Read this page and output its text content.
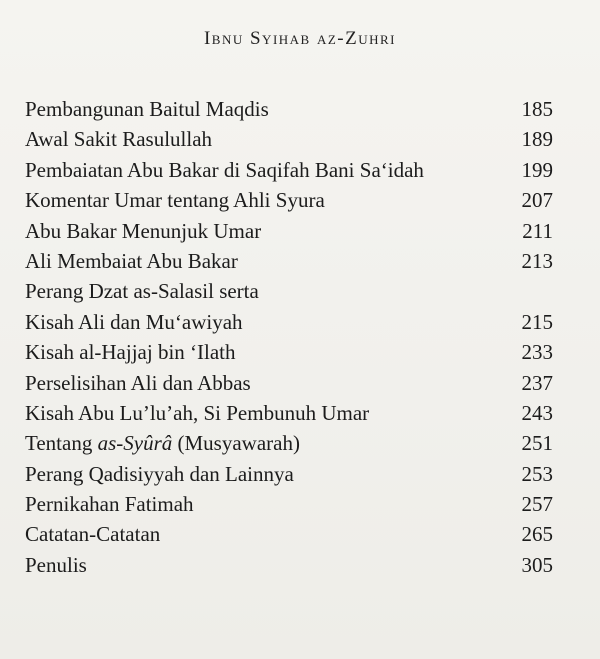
Ibnu Syihab az-Zuhri
Pembangunan Baitul Maqdis	185
Awal Sakit Rasulullah	189
Pembaiatan Abu Bakar di Saqifah Bani Sa‘idah	199
Komentar Umar tentang Ahli Syura	207
Abu Bakar Menunjuk Umar	211
Ali Membaiat Abu Bakar	213
Perang Dzat as-Salasil serta
Kisah Ali dan Mu‘awiyah	215
Kisah al-Hajjaj bin ‘Ilath	233
Perselisihan Ali dan Abbas	237
Kisah Abu Lu’lu’ah, Si Pembunuh Umar	243
Tentang as-Syûrâ (Musyawarah)	251
Perang Qadisiyyah dan Lainnya	253
Pernikahan Fatimah	257
Catatan-Catatan	265
Penulis	305
